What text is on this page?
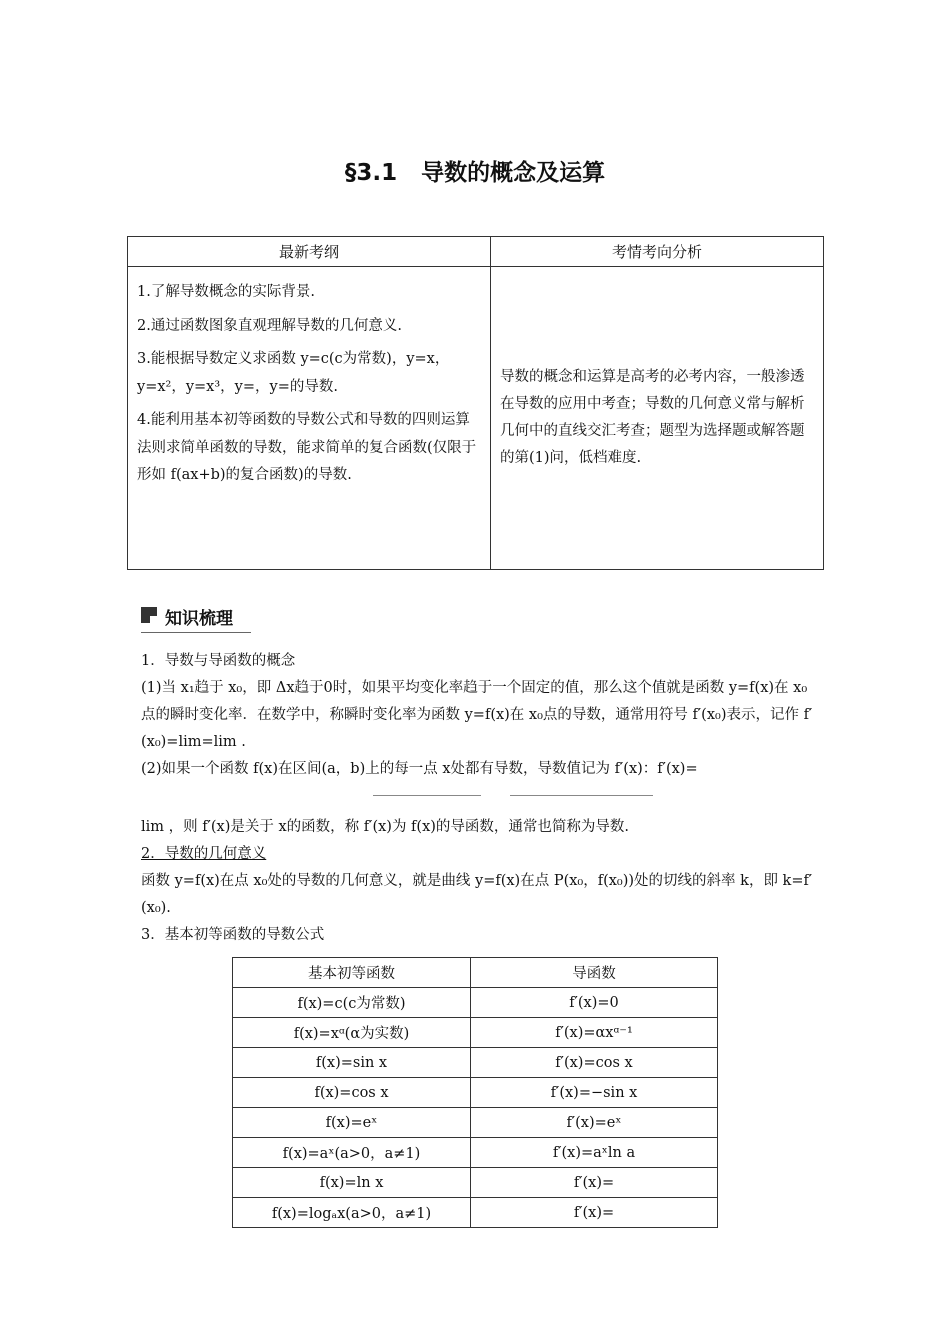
§3.1 导数的概念及运算
最新考纲	考情考向分析

1.了解导数概念的实际背景.

2.通过函数图象直观理解导数的几何意义.

3.能根据导数定义求函数 y=c(c为常数)，y=x，y=x²，y=x³，y=，y=的导数.

4.能利用基本初等函数的导数公式和导数的四则运算法则求简单函数的导数，能求简单的复合函数(仅限于形如 f(ax+b)的复合函数)的导数.	导数的概念和运算是高考的必考内容，一般渗透在导数的应用中考查；导数的几何意义常与解析几何中的直线交汇考查；题型为选择题或解答题的第(1)问，低档难度.
知识梳理

1．导数与导函数的概念

(1)当 x₁趋于 x₀，即 Δx趋于0时，如果平均变化率趋于一个固定的值，那么这个值就是函数 y=f(x)在 x₀点的瞬时变化率．在数学中，称瞬时变化率为函数 y=f(x)在 x₀点的导数，通常用符号 f′(x₀)表示，记作 f′(x₀)=lim=lim .

(2)如果一个函数 f(x)在区间(a，b)上的每一点 x处都有导数，导数值记为 f′(x)：f′(x)=

lim ，则 f′(x)是关于 x的函数，称 f′(x)为 f(x)的导函数，通常也简称为导数.

2．导数的几何意义

函数 y=f(x)在点 x₀处的导数的几何意义，就是曲线 y=f(x)在点 P(x₀，f(x₀))处的切线的斜率 k，即 k=f′(x₀).

3．基本初等函数的导数公式

基本初等函数	导函数
f(x)=c(c为常数)	f′(x)=0
f(x)=xᵅ(α为实数)	f′(x)=αxᵅ⁻¹
f(x)=sin x	f′(x)=cos x
f(x)=cos x	f′(x)=−sin x
f(x)=eˣ	f′(x)=eˣ
f(x)=aˣ(a>0，a≠1)	f′(x)=aˣln a
f(x)=ln x	f′(x)=
f(x)=logₐx(a>0，a≠1)	f′(x)=
